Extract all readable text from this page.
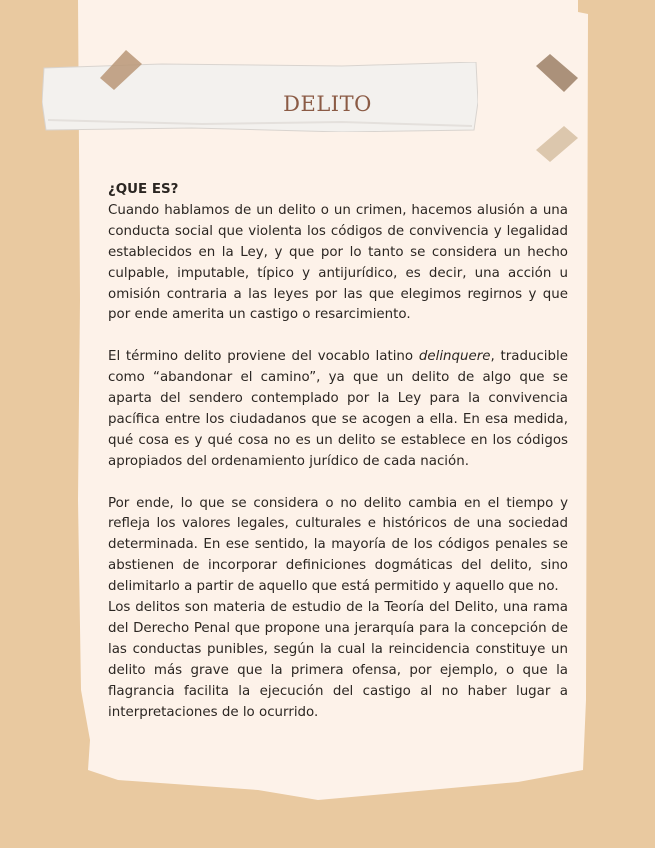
DELITO
¿QUE ES?

Cuando hablamos de un delito o un crimen, hacemos alusión a una conducta social que violenta los códigos de convivencia y legalidad establecidos en la Ley, y que por lo tanto se considera un hecho culpable, imputable, típico y antijurídico, es decir, una acción u omisión contraria a las leyes por las que elegimos regirnos y que por ende amerita un castigo o resarcimiento.

El término delito proviene del vocablo latino delinquere, traducible como “abandonar el camino”, ya que un delito de algo que se aparta del sendero contemplado por la Ley para la convivencia pacífica entre los ciudadanos que se acogen a ella. En esa medida, qué cosa es y qué cosa no es un delito se establece en los códigos apropiados del ordenamiento jurídico de cada nación.

Por ende, lo que se considera o no delito cambia en el tiempo y refleja los valores legales, culturales e históricos de una sociedad determinada. En ese sentido, la mayoría de los códigos penales se abstienen de incorporar definiciones dogmáticas del delito, sino delimitarlo a partir de aquello que está permitido y aquello que no.

Los delitos son materia de estudio de la Teoría del Delito, una rama del Derecho Penal que propone una jerarquía para la concepción de las conductas punibles, según la cual la reincidencia constituye un delito más grave que la primera ofensa, por ejemplo, o que la flagrancia facilita la ejecución del castigo al no haber lugar a interpretaciones de lo ocurrido.
